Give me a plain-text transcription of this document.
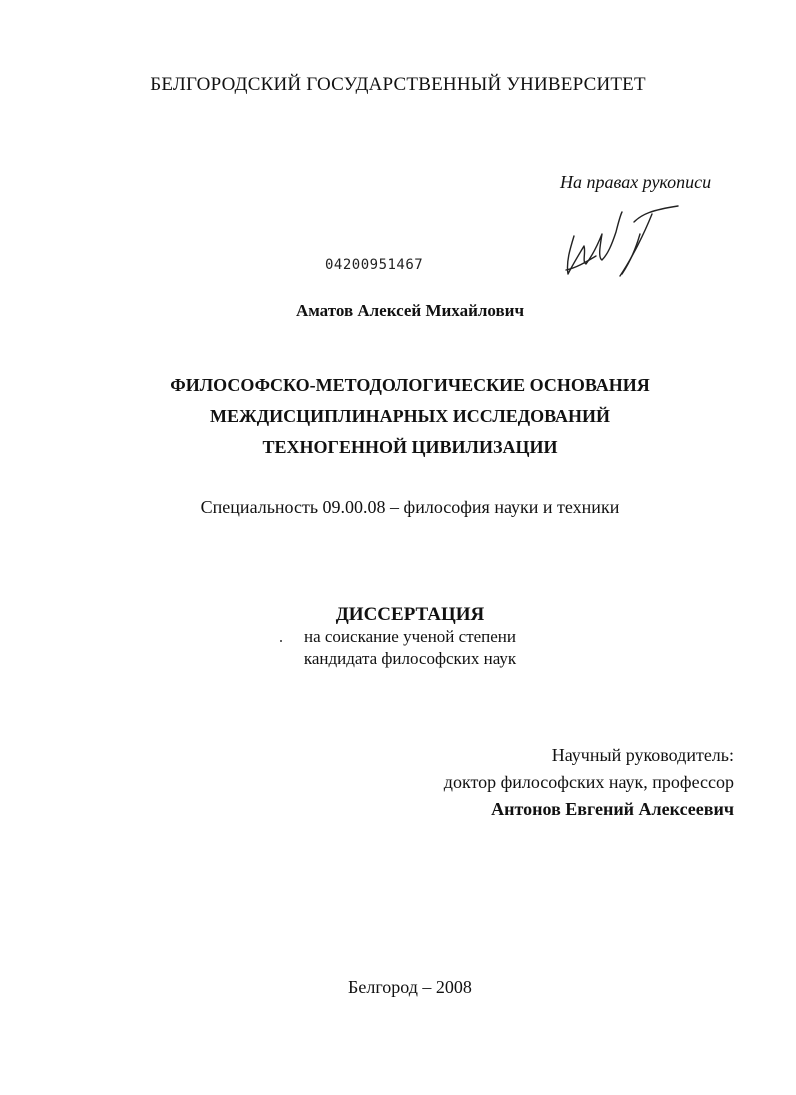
БЕЛГОРОДСКИЙ ГОСУДАРСТВЕННЫЙ УНИВЕРСИТЕТ
На правах рукописи
04200951467
Аматов Алексей Михайлович
ФИЛОСОФСКО-МЕТОДОЛОГИЧЕСКИЕ ОСНОВАНИЯ
МЕЖДИСЦИПЛИНАРНЫХ ИССЛЕДОВАНИЙ
ТЕХНОГЕННОЙ ЦИВИЛИЗАЦИИ
Специальность 09.00.08 – философия науки и техники
ДИССЕРТАЦИЯ
на соискание ученой степени
кандидата философских наук
Научный руководитель:
доктор философских наук, профессор
Антонов Евгений Алексеевич
Белгород – 2008
